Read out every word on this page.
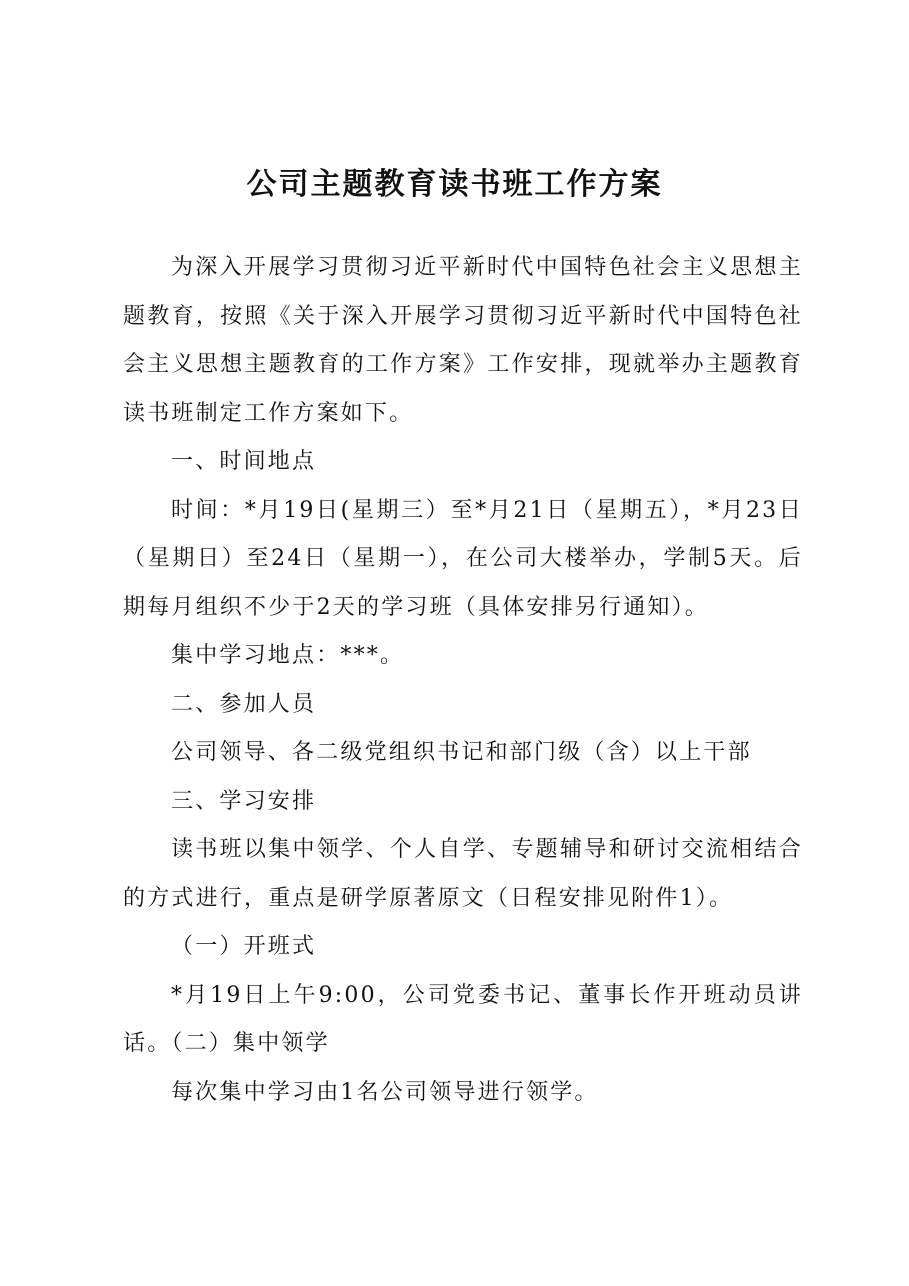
公司主题教育读书班工作方案

为深入开展学习贯彻习近平新时代中国特色社会主义思想主题教育，按照《关于深入开展学习贯彻习近平新时代中国特色社会主义思想主题教育的工作方案》工作安排，现就举办主题教育读书班制定工作方案如下。

一、时间地点

时间：*月19日(星期三）至*月21日（星期五），*月23日（星期日）至24日（星期一），在公司大楼举办，学制5天。后期每月组织不少于2天的学习班（具体安排另行通知）。

集中学习地点：***。

二、参加人员

公司领导、各二级党组织书记和部门级（含）以上干部

三、学习安排

读书班以集中领学、个人自学、专题辅导和研讨交流相结合的方式进行，重点是研学原著原文（日程安排见附件1）。

（一）开班式

*月19日上午9:00，公司党委书记、董事长作开班动员讲话。（二）集中领学

每次集中学习由1名公司领导进行领学。
